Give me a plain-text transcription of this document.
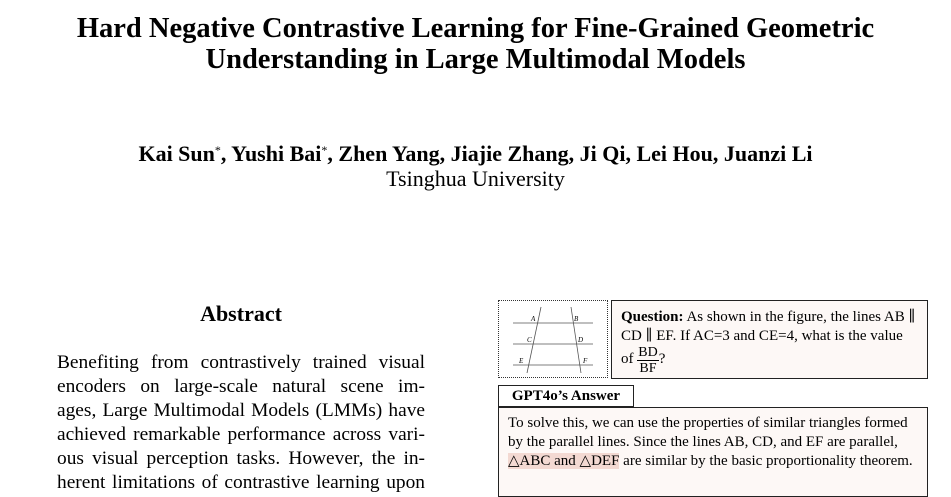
Hard Negative Contrastive Learning for Fine-Grained Geometric
Understanding in Large Multimodal Models
Kai Sun*, Yushi Bai*, Zhen Yang, Jiajie Zhang, Ji Qi, Lei Hou, Juanzi Li
Tsinghua University
Abstract
Benefiting from contrastively trained visual
encoders on large-scale natural scene im-
ages, Large Multimodal Models (LMMs) have
achieved remarkable performance across vari-
ous visual perception tasks. However, the in-
herent limitations of contrastive learning upon
A	B
C	D
E	F
Question: As shown in the figure, the lines AB ∥ CD ∥ EF. If AC=3 and CE=4, what is the value of $\frac{BD}{BF}$ ?
GPT4o’s Answer
To solve this, we can use the properties of similar triangles formed by the parallel lines. Since the lines AB, CD, and EF are parallel, △ABC and △DEF are similar by the basic proportionality theorem.
